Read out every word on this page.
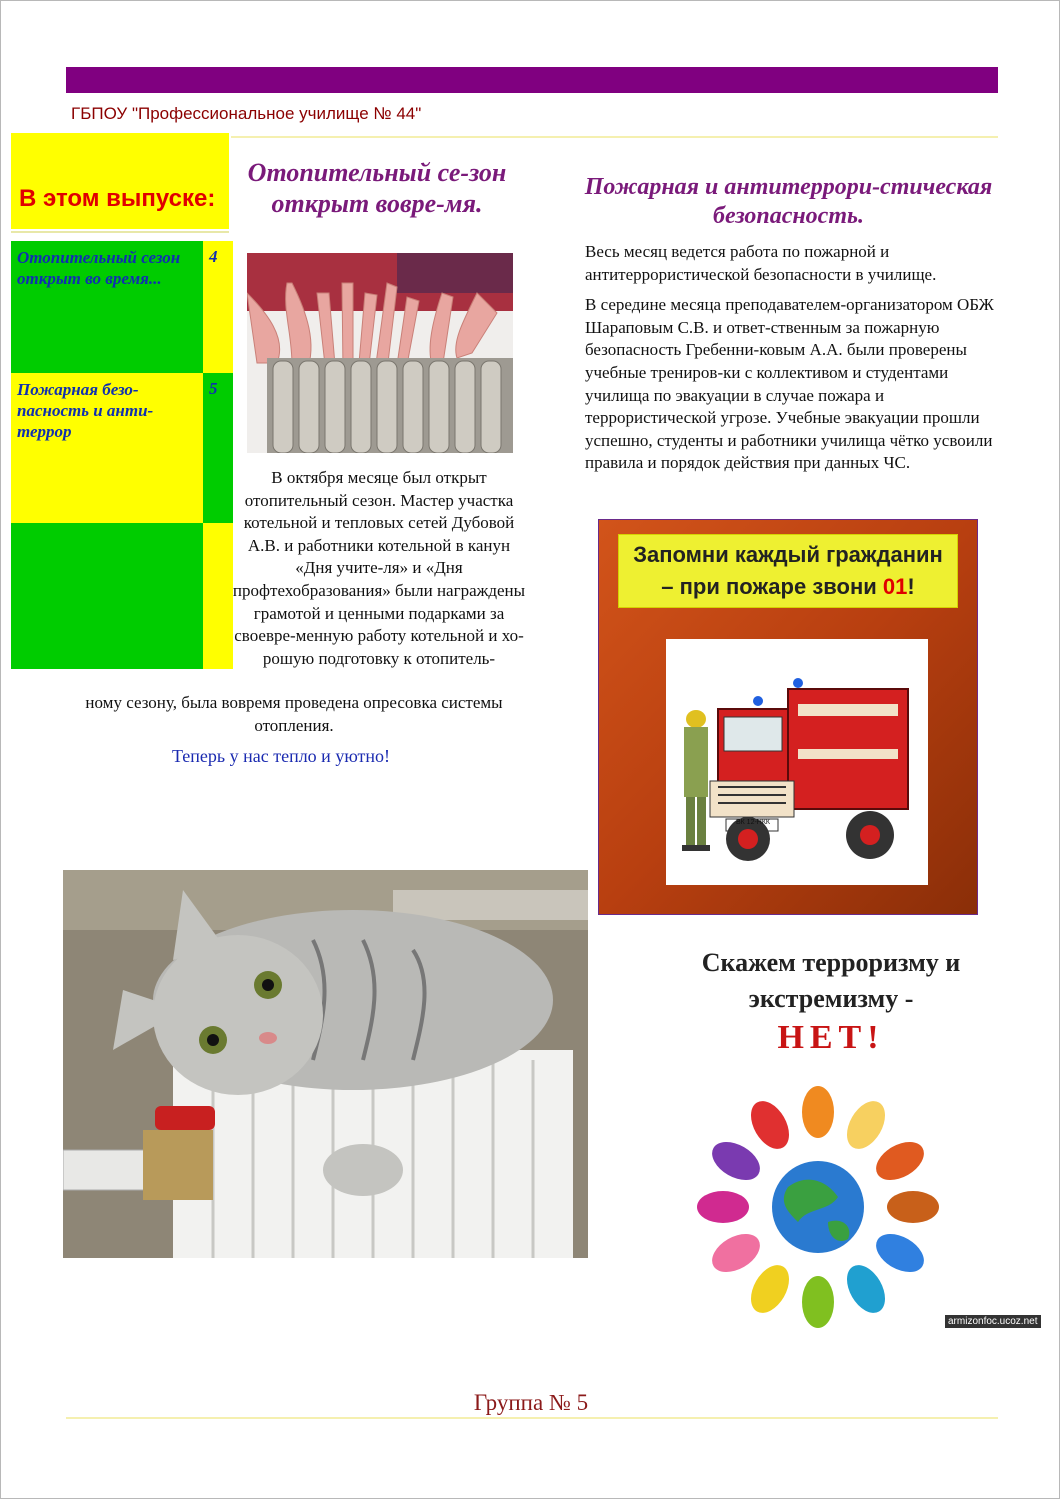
ГБПОУ "Профессиональное училище № 44"
В этом выпуске:
Отопительный сезон открыт во время...
4
Пожарная безо-пасность и анти-террор
5
Отопительный се-зон открыт вовре-мя.
В октября месяце был открыт отопительный сезон. Мастер участка котельной и тепловых сетей Дубовой А.В. и работники котельной в канун «Дня учите-ля» и «Дня профтехобразования» были награждены грамотой и ценными подарками за своевре-менную работу котельной и хо-рошую подготовку к отопитель-
ному сезону, была вовремя проведена опресовка системы отопления.
Теперь у нас тепло и уютно!
Пожарная и антитеррори-стическая безопасность.

Весь месяц ведется работа по пожарной и антитеррористической безопасности в училище.

В середине месяца преподавателем-организатором ОБЖ Шараповым С.В. и ответ-ственным за пожарную безопасность Гребенни-ковым А.А. были проверены учебные трениров-ки с коллективом и студентами училища по эвакуации в случае пожара и террористической угрозе. Учебные эвакуации прошли успешно, студенты и работники училища чётко усвоили правила и порядок действия при данных ЧС.

Запомни каждый гражданин – при пожаре звони 01!
ВК 12-НКК
Скажем терроризму и
экстремизму -
НЕТ!
armizonfoc.ucoz.net
Группа № 5
